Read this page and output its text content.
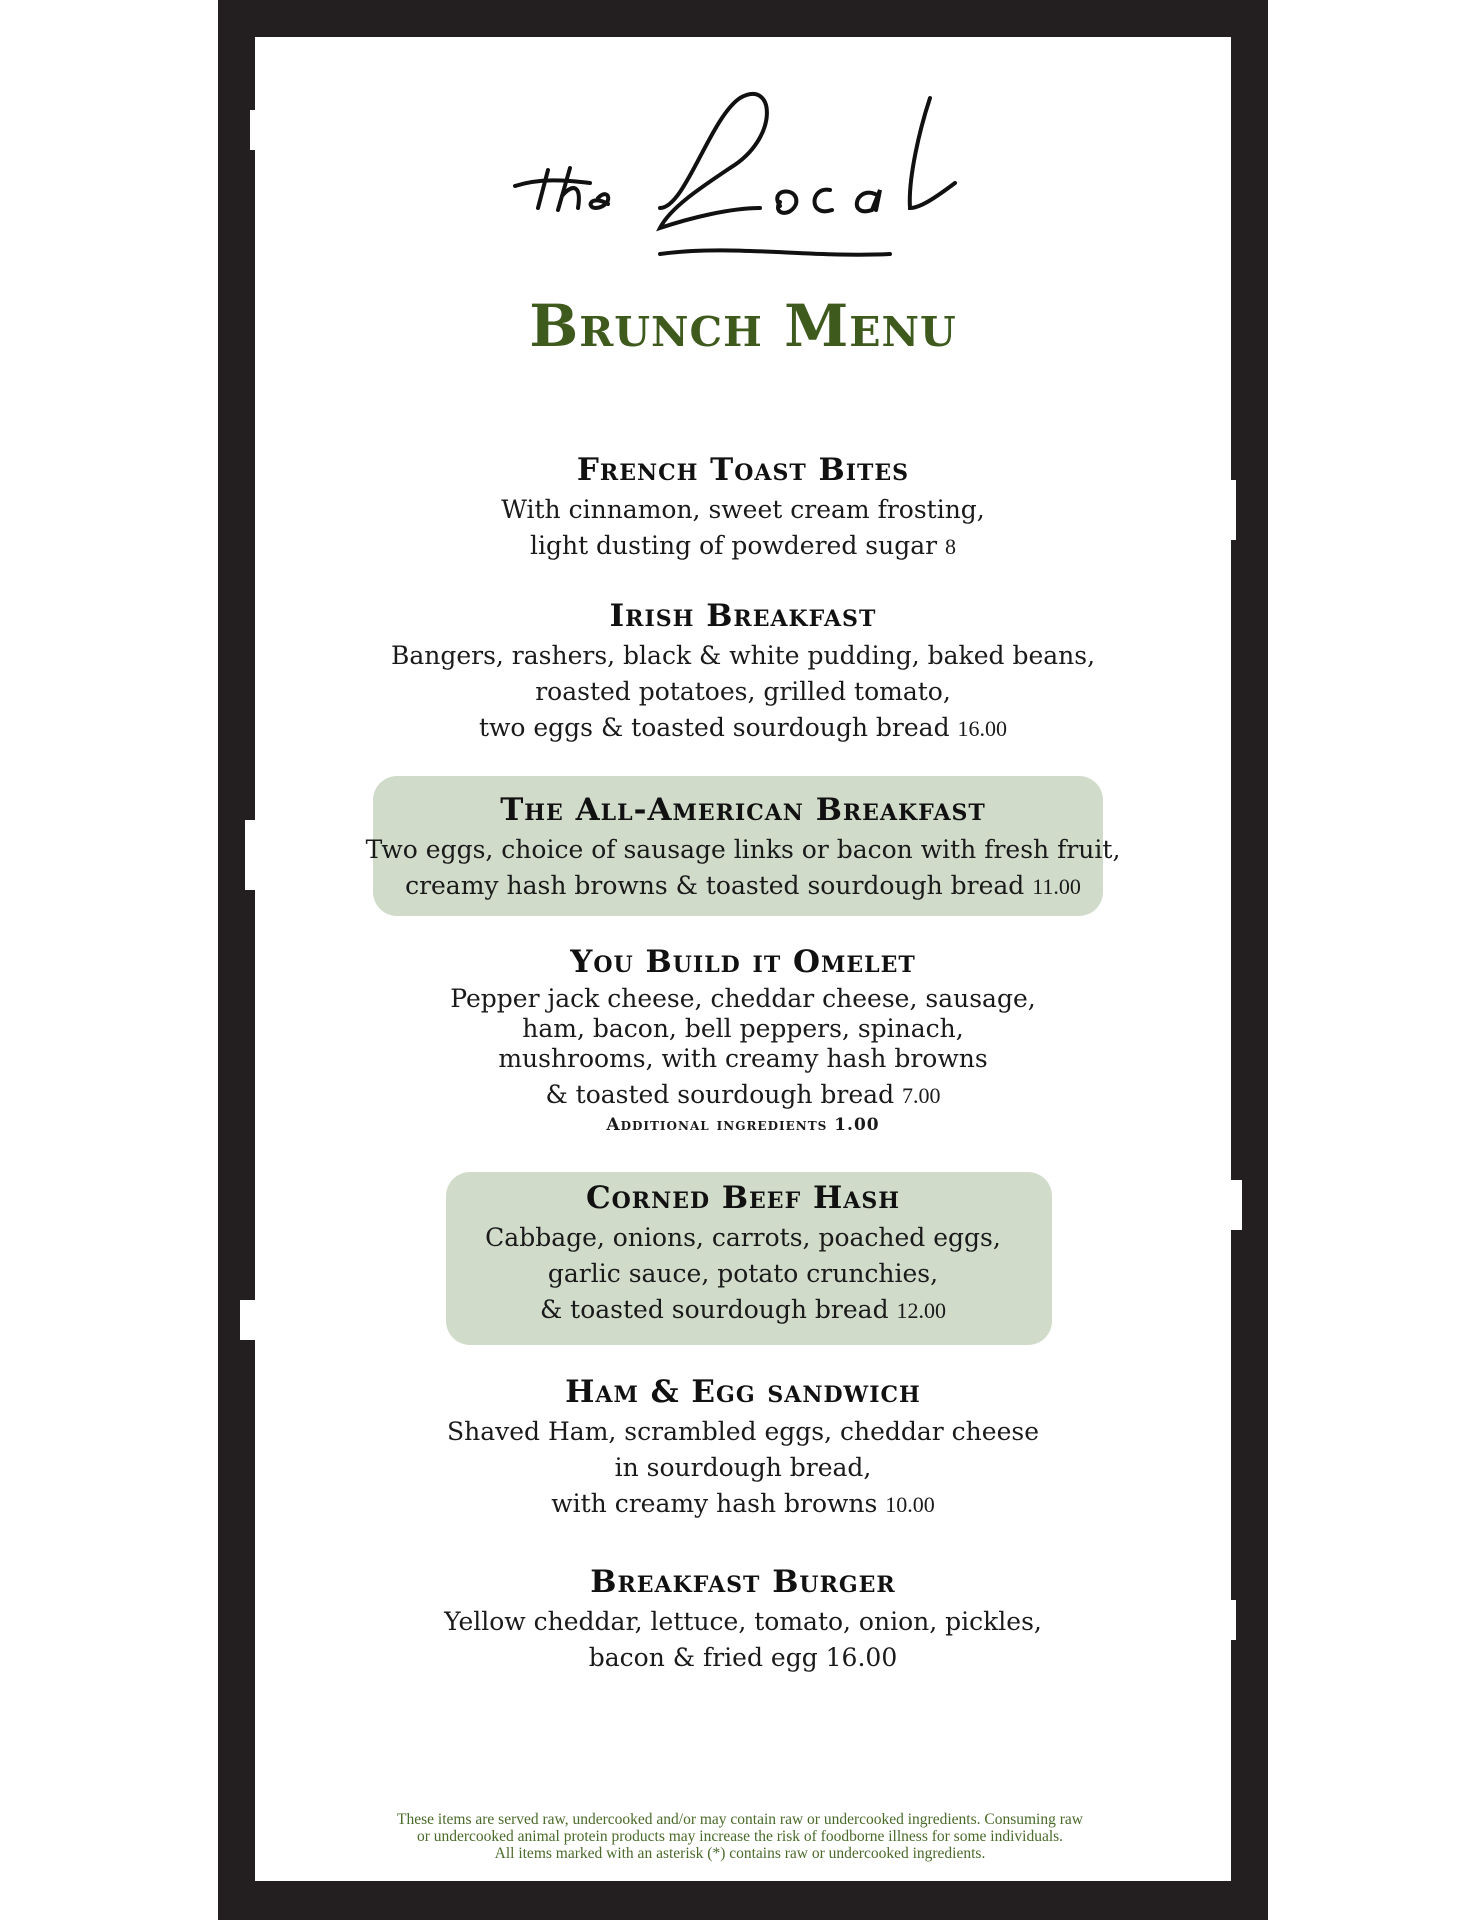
Brunch Menu
French Toast Bites
With cinnamon, sweet cream frosting,
light dusting of powdered sugar 8
Irish Breakfast
Bangers, rashers, black & white pudding, baked beans,
roasted potatoes, grilled tomato,
two eggs & toasted sourdough bread 16.00
The All-American Breakfast
Two eggs, choice of sausage links or bacon with fresh fruit,
creamy hash browns & toasted sourdough bread 11.00
You Build it Omelet
Pepper jack cheese, cheddar cheese, sausage,
ham, bacon, bell peppers, spinach,
mushrooms, with creamy hash browns
& toasted sourdough bread 7.00
Additional ingredients 1.00
Corned Beef Hash
Cabbage, onions, carrots, poached eggs,
garlic sauce, potato crunchies,
& toasted sourdough bread 12.00
Ham & Egg sandwich
Shaved Ham, scrambled eggs, cheddar cheese
in sourdough bread,
with creamy hash browns 10.00
Breakfast Burger
Yellow cheddar, lettuce, tomato, onion, pickles,
bacon & fried egg 16.00
These items are served raw, undercooked and/or may contain raw or undercooked ingredients. Consuming raw
or undercooked animal protein products may increase the risk of foodborne illness for some individuals.
All items marked with an asterisk (*) contains raw or undercooked ingredients.
